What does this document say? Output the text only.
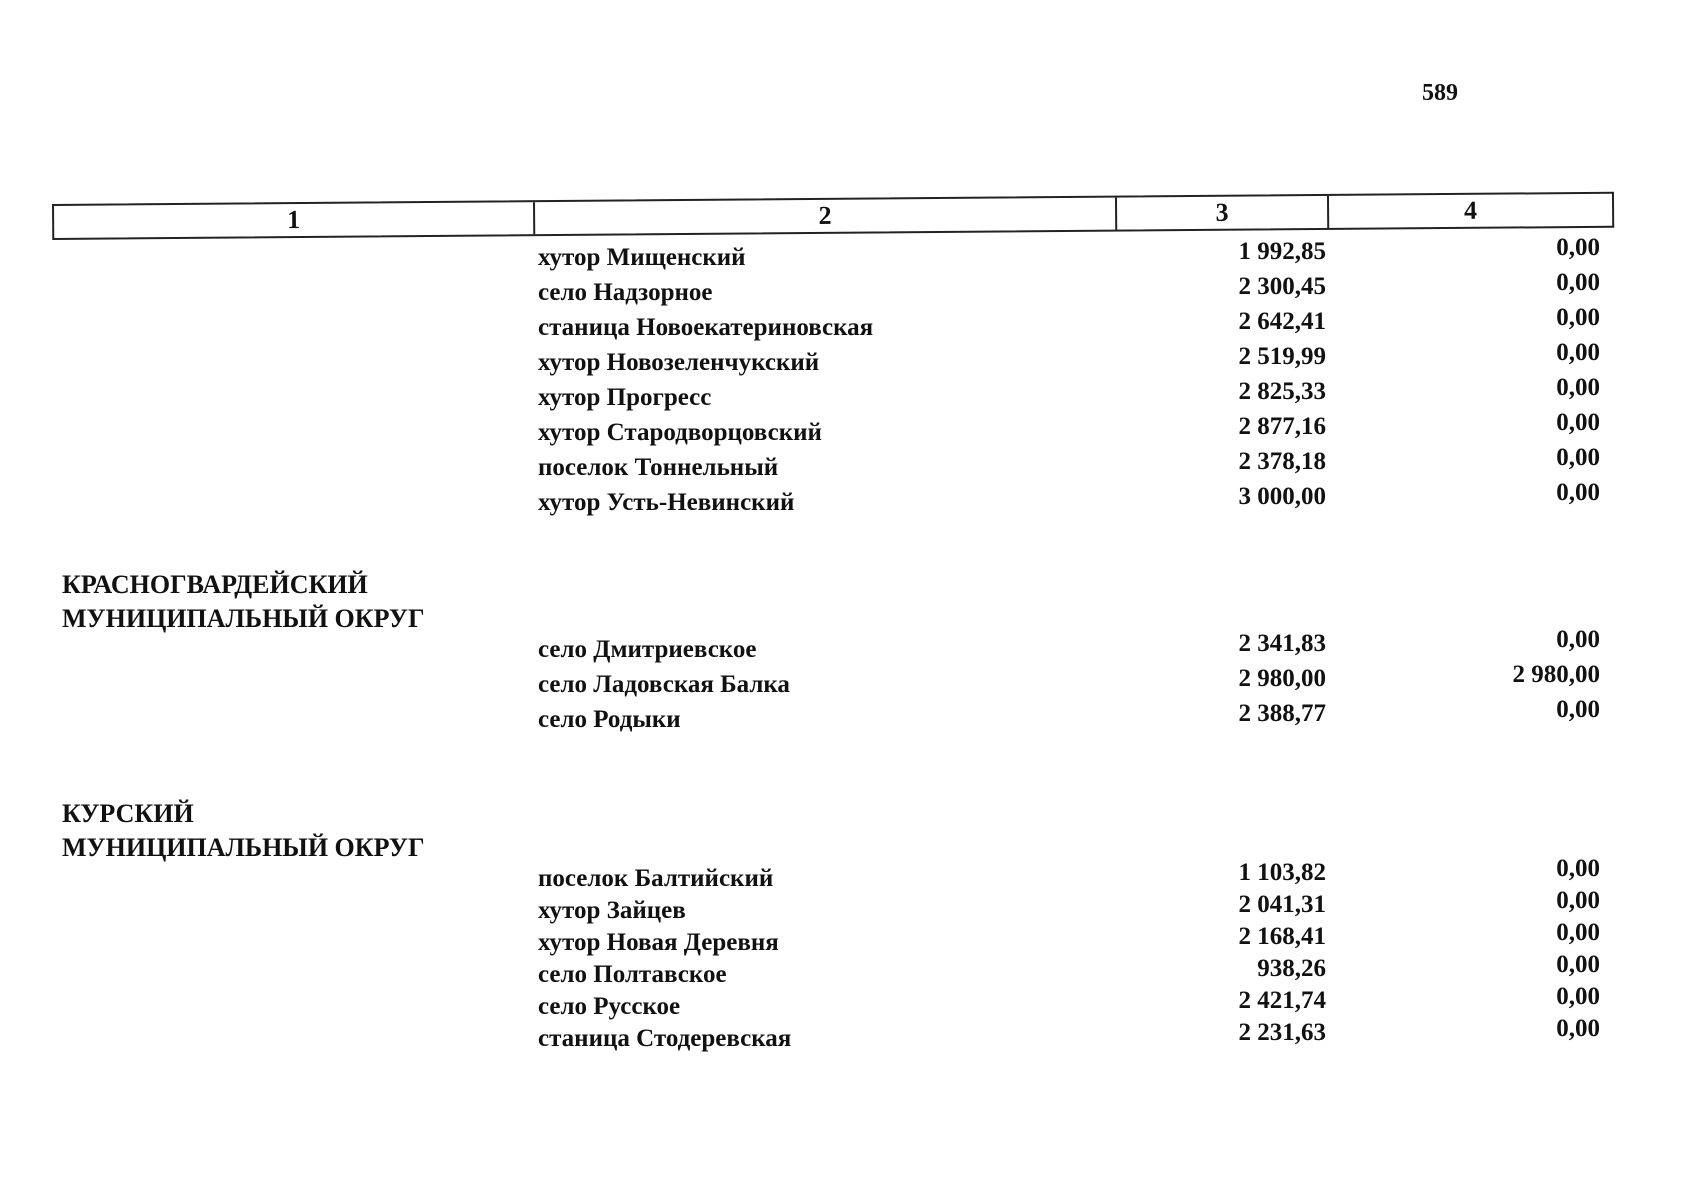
589
1	2	3	4
хутор Мищенский	1 992,85	0,00
село Надзорное	2 300,45	0,00
станица Новоекатериновская	2 642,41	0,00
хутор Новозеленчукский	2 519,99	0,00
хутор Прогресс	2 825,33	0,00
хутор Стародворцовский	2 877,16	0,00
поселок Тоннельный	2 378,18	0,00
хутор Усть-Невинский	3 000,00	0,00
КРАСНОГВАРДЕЙСКИЙ
МУНИЦИПАЛЬНЫЙ ОКРУГ
село Дмитриевское	2 341,83	0,00
село Ладовская Балка	2 980,00	2 980,00
село Родыки	2 388,77	0,00
КУРСКИЙ
МУНИЦИПАЛЬНЫЙ ОКРУГ
поселок Балтийский	1 103,82	0,00
хутор Зайцев	2 041,31	0,00
хутор Новая Деревня	2 168,41	0,00
село Полтавское	938,26	0,00
село Русское	2 421,74	0,00
станица Стодеревская	2 231,63	0,00
